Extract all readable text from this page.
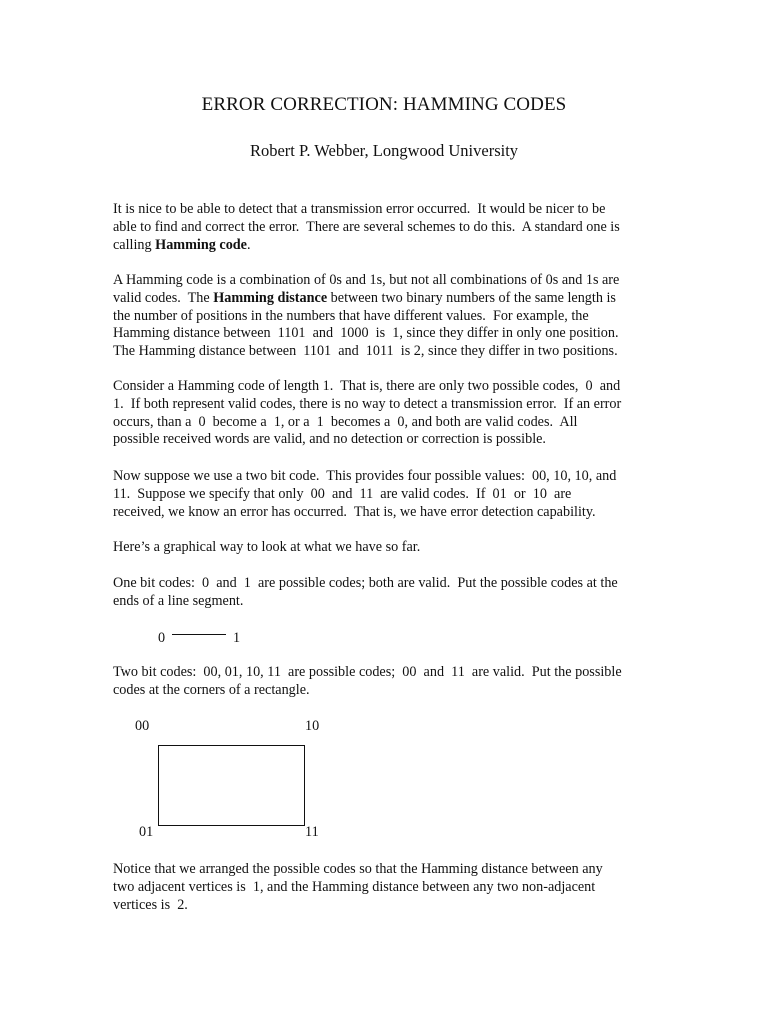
ERROR CORRECTION: HAMMING CODES
Robert P. Webber, Longwood University

It is nice to be able to detect that a transmission error occurred.  It would be nicer to be
able to find and correct the error.  There are several schemes to do this.  A standard one is
calling Hamming code.

A Hamming code is a combination of 0s and 1s, but not all combinations of 0s and 1s are
valid codes.  The Hamming distance between two binary numbers of the same length is
the number of positions in the numbers that have different values.  For example, the
Hamming distance between  1101  and  1000  is  1, since they differ in only one position.
The Hamming distance between  1101  and  1011  is 2, since they differ in two positions.

Consider a Hamming code of length 1.  That is, there are only two possible codes,  0  and
1.  If both represent valid codes, there is no way to detect a transmission error.  If an error
occurs, than a  0  become a  1, or a  1  becomes a  0, and both are valid codes.  All
possible received words are valid, and no detection or correction is possible.

Now suppose we use a two bit code.  This provides four possible values:  00, 10, 10, and
11.  Suppose we specify that only  00  and  11  are valid codes.  If  01  or  10  are
received, we know an error has occurred.  That is, we have error detection capability.

Here’s a graphical way to look at what we have so far.

One bit codes:  0  and  1  are possible codes; both are valid.  Put the possible codes at the
ends of a line segment.

0	1

Two bit codes:  00, 01, 10, 11  are possible codes;  00  and  11  are valid.  Put the possible
codes at the corners of a rectangle.

00	10
01	11

Notice that we arranged the possible codes so that the Hamming distance between any
two adjacent vertices is  1, and the Hamming distance between any two non-adjacent
vertices is  2.
